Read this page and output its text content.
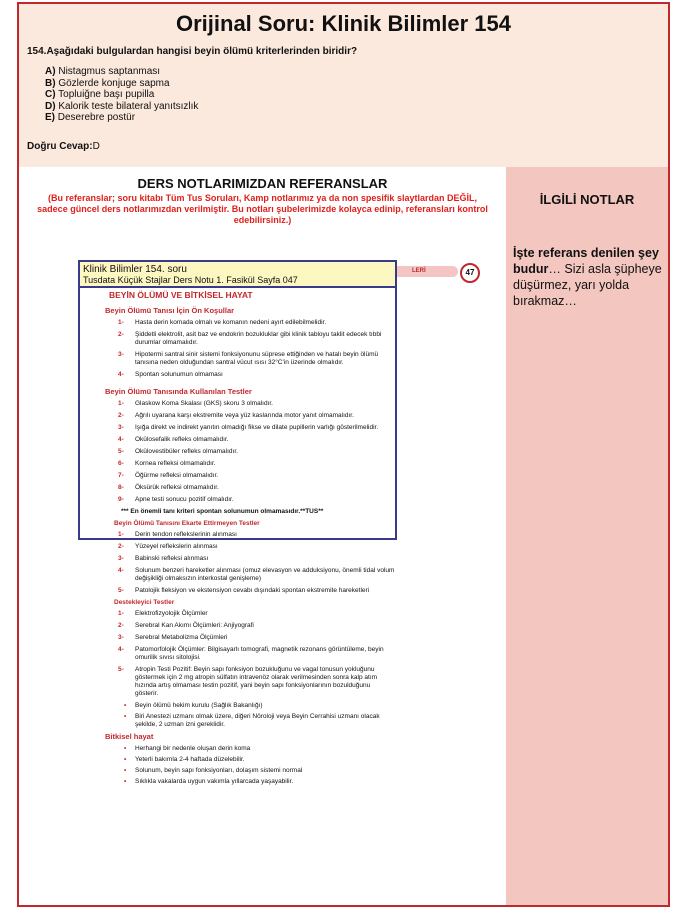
Orijinal Soru: Klinik Bilimler 154
154.Aşağıdaki bulgulardan hangisi beyin ölümü kriterlerinden biridir?
A) Nistagmus saptanması
B) Gözlerde konjuge sapma
C) Topluiğne başı pupilla
D) Kalorik teste bilateral yanıtsızlık
E) Deserebre postür
Doğru Cevap:D
DERS NOTLARIMIZDAN REFERANSLAR
(Bu referanslar; soru kitabı Tüm Tus Soruları, Kamp notlarımız ya da non spesifik slaytlardan DEĞİL, sadece güncel ders notlarımızdan verilmiştir. Bu notları şubelerimizde kolayca edinip, referansları kontrol edebilirsiniz.)
LERİ	47
BEYİN ÖLÜMÜ VE BİTKİSEL HAYAT
Beyin Ölümü Tanısı İçin Ön Koşullar
1- Hasta derin komada olmalı ve komanın nedeni ayırt edilebilmelidir.
2- Şiddetli elektrolit, asit baz ve endokrin bozukluklar gibi klinik tabloyu taklit edecek tıbbi durumlar olmamalıdır.
3- Hipotermi santral sinir sistemi fonksiyonunu süprese ettiğinden ve hatalı beyin ölümü tanısına neden olduğundan santral vücut ısısı 32°C'in üzerinde olmalıdır.
4- Spontan solunumun olmaması
Beyin Ölümü Tanısında Kullanılan Testler
1- Glaskow Koma Skalası (GKS) skoru 3 olmalıdır.
2- Ağrılı uyarana karşı ekstremite veya yüz kaslarında motor yanıt olmamalıdır.
3- Işığa direkt ve indirekt yanıtın olmadığı fikse ve dilate pupillerin varlığı gösterilmelidir.
4- Okülosefalik refleks olmamalıdır.
5- Okülovestibüler refleks olmamalıdır.
6- Kornea refleksi olmamalıdır.
7- Öğürme refleksi olmamalıdır.
8- Öksürük refleksi olmamalıdır.
9- Apne testi sonucu pozitif olmalıdır.
*** En önemli tanı kriteri spontan solunumun olmamasıdır.**TUS**
Beyin Ölümü Tanısını Ekarte Ettirmeyen Testler
1- Derin tendon reflekslerinin alınması
2- Yüzeyel reflekslerin alınması
3- Babinski refleksi alınması
4- Solunum benzeri hareketler alınması (omuz elevasyon ve adduksiyonu, önemli tidal volum değişikliği olmaksızın interkostal genişleme)
5- Patolojik fleksiyon ve ekstensiyon cevabı dışındaki spontan ekstremite hareketleri
Destekleyici Testler
1- Elektrofizyolojik Ölçümler
2- Serebral Kan Akımı Ölçümleri: Anjiyografi
3- Serebral Metabolizma Ölçümleri
4- Patomorfolojik Ölçümler: Bilgisayarlı tomografi, magnetik rezonans görüntüleme, beyin omurilik sıvısı sitolojisi.
5- Atropin Testi Pozitif: Beyin sapı fonksiyon bozukluğunu ve vagal tonusun yokluğunu göstermek için 2 mg atropin sülfatın intravenöz olarak verilmesinden sonra kalp atım hızında artış olmaması testin pozitif, yani beyin sapı fonksiyonlarının bozulduğunu gösterir.
• Beyin ölümü hekim kurulu (Sağlık Bakanlığı)
• Biri Anestezi uzmanı olmak üzere, diğeri Nöroloji veya Beyin Cerrahisi uzmanı olacak şekilde, 2 uzman izni gereklidir.
Bitkisel hayat
• Herhangi bir nedenle oluşan derin koma
• Yeterli bakımla 2-4 haftada düzelebilir.
• Solunum, beyin sapı fonksiyonları, dolaşım sistemi normal
• Sıklıkla vakalarda uygun vakımla yıllarcada yaşayabilir.
Klinik Bilimler 154. soru
Tusdata Küçük Stajlar Ders Notu 1. Fasikül Sayfa 047
İLGİLİ NOTLAR
İşte referans denilen şey budur… Sizi asla şüpheye düşürmez, yarı yolda bırakmaz…
